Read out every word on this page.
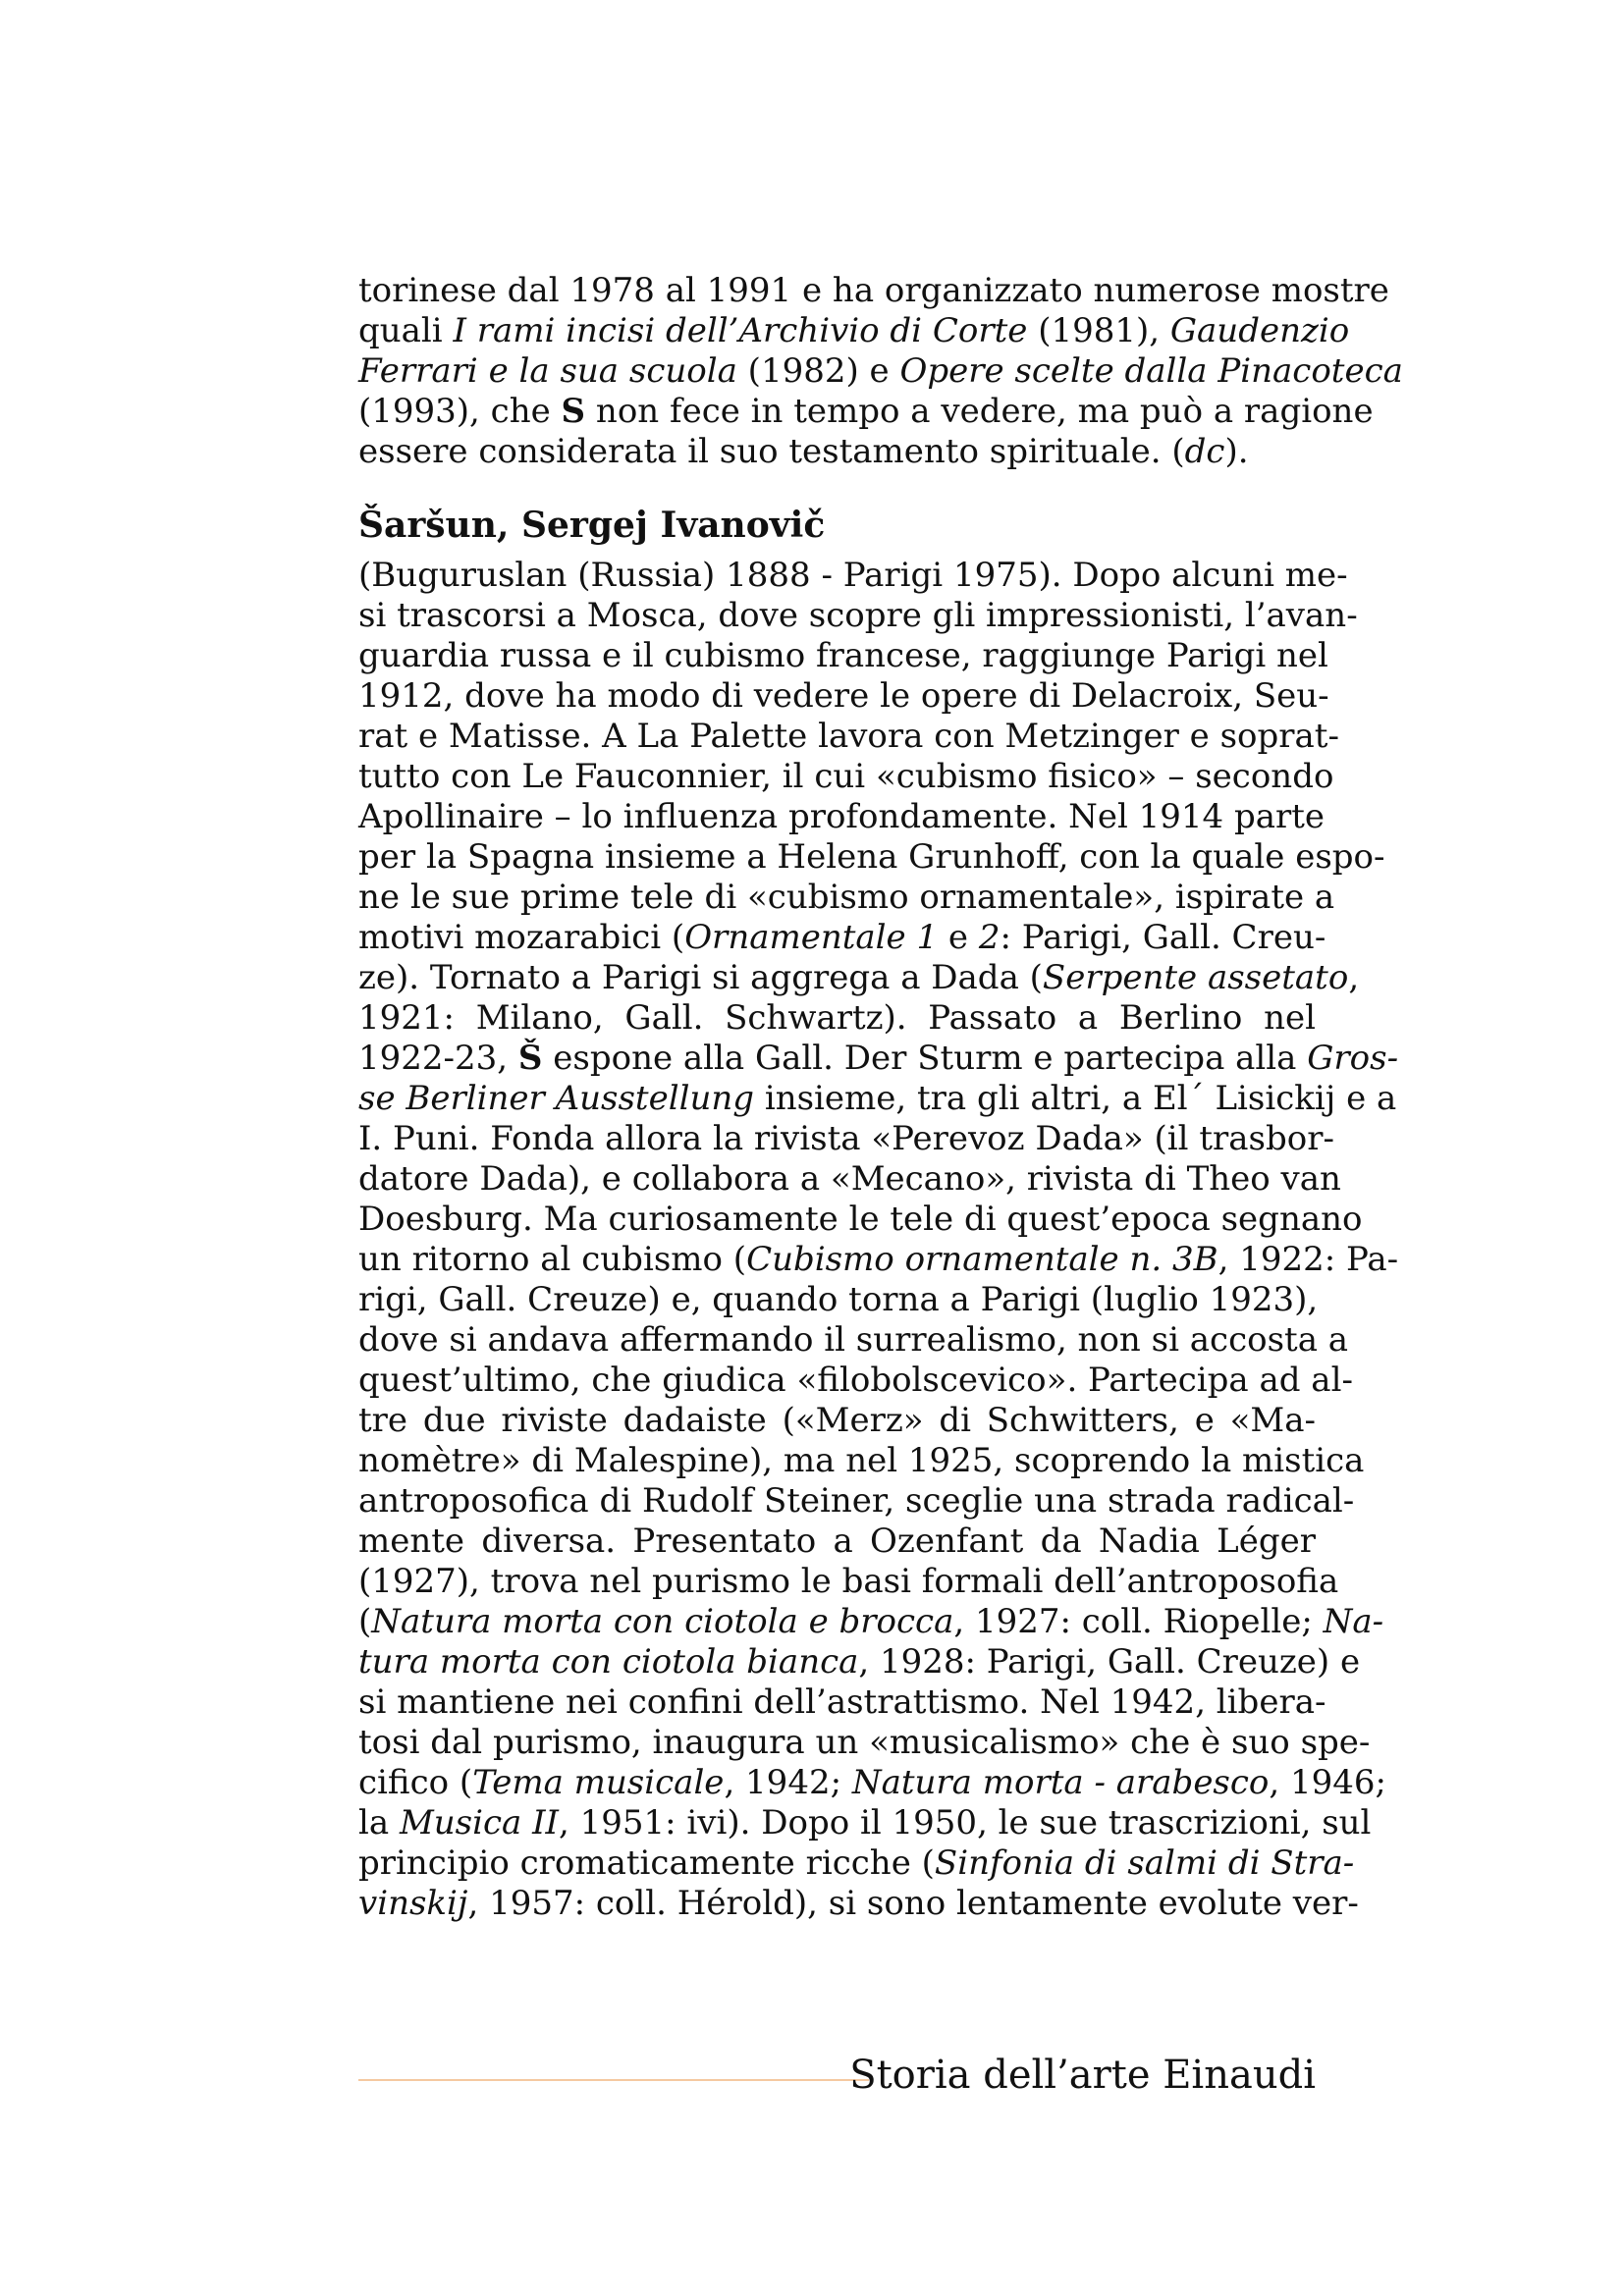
torinese dal 1978 al 1991 e ha organizzato numerose mostre
quali I rami incisi dell’Archivio di Corte (1981), Gaudenzio
Ferrari e la sua scuola (1982) e Opere scelte dalla Pinacoteca
(1993), che S non fece in tempo a vedere, ma può a ragione
essere considerata il suo testamento spirituale. (dc).
Šaršun, Sergej Ivanovič
(Buguruslan (Russia) 1888 - Parigi 1975). Dopo alcuni me-
si trascorsi a Mosca, dove scopre gli impressionisti, l’avan-
guardia russa e il cubismo francese, raggiunge Parigi nel
1912, dove ha modo di vedere le opere di Delacroix, Seu-
rat e Matisse. A La Palette lavora con Metzinger e soprat-
tutto con Le Fauconnier, il cui «cubismo fisico» – secondo
Apollinaire – lo influenza profondamente. Nel 1914 parte
per la Spagna insieme a Helena Grunhoff, con la quale espo-
ne le sue prime tele di «cubismo ornamentale», ispirate a
motivi mozarabici (Ornamentale 1 e 2: Parigi, Gall. Creu-
ze). Tornato a Parigi si aggrega a Dada (Serpente assetato,
1921: Milano, Gall. Schwartz). Passato a Berlino nel
1922-23, Š espone alla Gall. Der Sturm e partecipa alla Gros-
se Berliner Ausstellung insieme, tra gli altri, a El´ Lisickij e a
I. Puni. Fonda allora la rivista «Perevoz Dada» (il trasbor-
datore Dada), e collabora a «Mecano», rivista di Theo van
Doesburg. Ma curiosamente le tele di quest’epoca segnano
un ritorno al cubismo (Cubismo ornamentale n. 3B, 1922: Pa-
rigi, Gall. Creuze) e, quando torna a Parigi (luglio 1923),
dove si andava affermando il surrealismo, non si accosta a
quest’ultimo, che giudica «filobolscevico». Partecipa ad al-
tre due riviste dadaiste («Merz» di Schwitters, e «Ma-
nomètre» di Malespine), ma nel 1925, scoprendo la mistica
antroposofica di Rudolf Steiner, sceglie una strada radical-
mente diversa. Presentato a Ozenfant da Nadia Léger
(1927), trova nel purismo le basi formali dell’antroposofia
(Natura morta con ciotola e brocca, 1927: coll. Riopelle; Na-
tura morta con ciotola bianca, 1928: Parigi, Gall. Creuze) e
si mantiene nei confini dell’astrattismo. Nel 1942, libera-
tosi dal purismo, inaugura un «musicalismo» che è suo spe-
cifico (Tema musicale, 1942; Natura morta - arabesco, 1946;
la Musica II, 1951: ivi). Dopo il 1950, le sue trascrizioni, sul
principio cromaticamente ricche (Sinfonia di salmi di Stra-
vinskij, 1957: coll. Hérold), si sono lentamente evolute ver-
Storia dell’arte Einaudi
